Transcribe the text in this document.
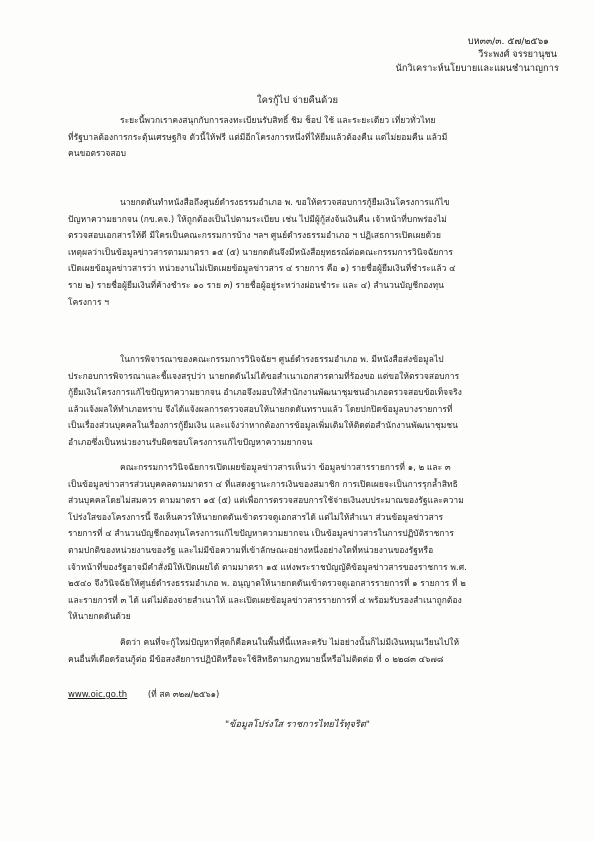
บห๓๓/๓. ๕๗/๒๕๖๑
วีระพงศ์ จรรยานุชน
นักวิเคราะห์นโยบายและแผนชำนาญการ
ใครกู้ไป จ่ายคืนด้วย
ระยะนี้พวกเราคงสนุกกับการลงทะเบียนรับสิทธิ์ ชิม ช็อป ใช้ และระยะเดียว เที่ยวทั่วไทย
ที่รัฐบาลต้องการกระตุ้นเศรษฐกิจ ตัวนี้ให้ฟรี แต่มีอีกโครงการหนึ่งที่ให้ยืมแล้วต้องคืน แต่ไม่ยอมคืน แล้วมี
คนขอตรวจสอบ
นายกดดันทำหนังสือถึงศูนย์ดำรงธรรมอำเภอ พ. ขอให้ตรวจสอบการกู้ยืมเงินโครงการแก้ไข
ปัญหาความยากจน (กข.คจ.) ให้ถูกต้องเป็นไปตามระเบียบ เช่น ไปมีผู้กู้ส่งจ้นเงินคืน เจ้าหน้าที่บกพร่องไม่
ตรวจสอบเอกสารให้ดี มีใครเป็นคณะกรรมการบ้าง ฯลฯ ศูนย์ดำรงธรรมอำเภอ ฯ ปฏิเสธการเปิดเผยด้วย
เหตุผลว่าเป็นข้อมูลข่าวสารตามมาตรา ๑๕ (๕) นายกดดันจึงมีหนังสือยุทธรณ์ต่อคณะกรรมการวินิจฉัยการ
เปิดเผยข้อมูลข่าวสารว่า หน่วยงานไม่เปิดเผยข้อมูลข่าวสาร ๔ รายการ คือ ๑) รายชื่อผู้ยืมเงินที่ชำระแล้ว ๔
ราย ๒) รายชื่อผู้ยืมเงินที่ค้างชำระ ๑๐ ราย ๓) รายชื่อผู้อยู่ระหว่างผ่อนชำระ และ ๔) สำนวนบัญชีกองทุน
โครงการ ฯ
ในการพิจารณาของคณะกรรมการวินิจฉัยฯ ศูนย์ดำรงธรรมอำเภอ พ. มีหนังสือส่งข้อมูลไป
ประกอบการพิจารณาและชี้แจงสรุปว่า นายกดดันไม่ได้ขอสำเนาเอกสารตามที่ร้องขอ แต่ขอให้ตรวจสอบการ
กู้ยืมเงินโครงการแก้ไขปัญหาความยากจน อำเภอจึงมอบให้สำนักงานพัฒนาชุมชนอำเภอตรวจสอบข้อเท็จจริง
แล้วแจ้งผลให้ทำเภอทราบ จึงได้แจ้งผลการตรวจสอบให้นายกดดันทราบแล้ว โดยปกปิดข้อมูลบางรายการที่
เป็นเรื่องส่วนบุคคลในเรื่องการกู้ยืมเงิน และแจ้งว่าหากต้องการข้อมูลเพิ่มเติมให้ติดต่อสำนักงานพัฒนาชุมชน
อำเภอซึ่งเป็นหน่วยงานรับผิดชอบโครงการแก้ไขปัญหาความยากจน
คณะกรรมการวินิจฉัยการเปิดเผยข้อมูลข่าวสารเห็นว่า ข้อมูลข่าวสารรายการที่ ๑, ๒ และ ๓
เป็นข้อมูลข่าวสารส่วนบุคคลตามมาตรา ๔ ที่แสดงฐานะการเงินของสมาชิก การเปิดเผยจะเป็นการรุกล้ำสิทธิ
ส่วนบุคคลโดยไม่สมควร ตามมาตรา ๑๕ (๕) แต่เพื่อการตรวจสอบการใช้จ่ายเงินงบประมาณของรัฐและความ
โปร่งใสของโครงการนี้ จึงเห็นควรให้นายกดดันเข้าตรวจดูเอกสารได้ แต่ไม่ให้สำเนา ส่วนข้อมูลข่าวสาร
รายการที่ ๔ สำนวนบัญชีกองทุนโครงการแก้ไขปัญหาความยากจน เป็นข้อมูลข่าวสารในการปฏิบัติราชการ
ตามปกติของหน่วยงานของรัฐ และไม่มีข้อความที่เข้าลักษณะอย่างหนึ่งอย่างใดที่หน่วยงานของรัฐหรือ
เจ้าหน้าที่ของรัฐอาจมีคำสั่งมิให้เปิดเผยได้ ตามมาตรา ๑๕ แห่งพระราชบัญญัติข้อมูลข่าวสารของราชการ พ.ศ.
๒๕๔๐ จึงวินิจฉัยให้ศูนย์ดำรงธรรมอำเภอ พ. อนุญาตให้นายกดดันเข้าตรวจดูเอกสารรายการที่ ๑ รายการ ที่ ๒
และรายการที่ ๓ ได้ แต่ไม่ต้องจ่ายสำเนาให้ และเปิดเผยข้อมูลข่าวสารรายการที่ ๔ พร้อมรับรองสำเนาถูกต้อง
ให้นายกดดันด้วย
คิดว่า คนที่จะกู้ใหม่ปัญหาที่สุดก็คือคนในพื้นที่นี้แหละครับ ไม่อย่างนั้นก็ไม่มีเงินหมุนเวียนไปให้
คนอื่นที่เดือดร้อนกู้ต่อ มีข้อสงสัยการปฏิบัติหรือจะใช้สิทธิตามกฎหมายนี้หรือไม่ติดต่อ ที่ ๐ ๒๒๘๓ ๔๖๗๘
www.oic.go.th (ที่ สค ๓๒๗/๒๕๖๑)
"ข้อมูลโปร่งใส ราชการไทยไร้ทุจริต"
